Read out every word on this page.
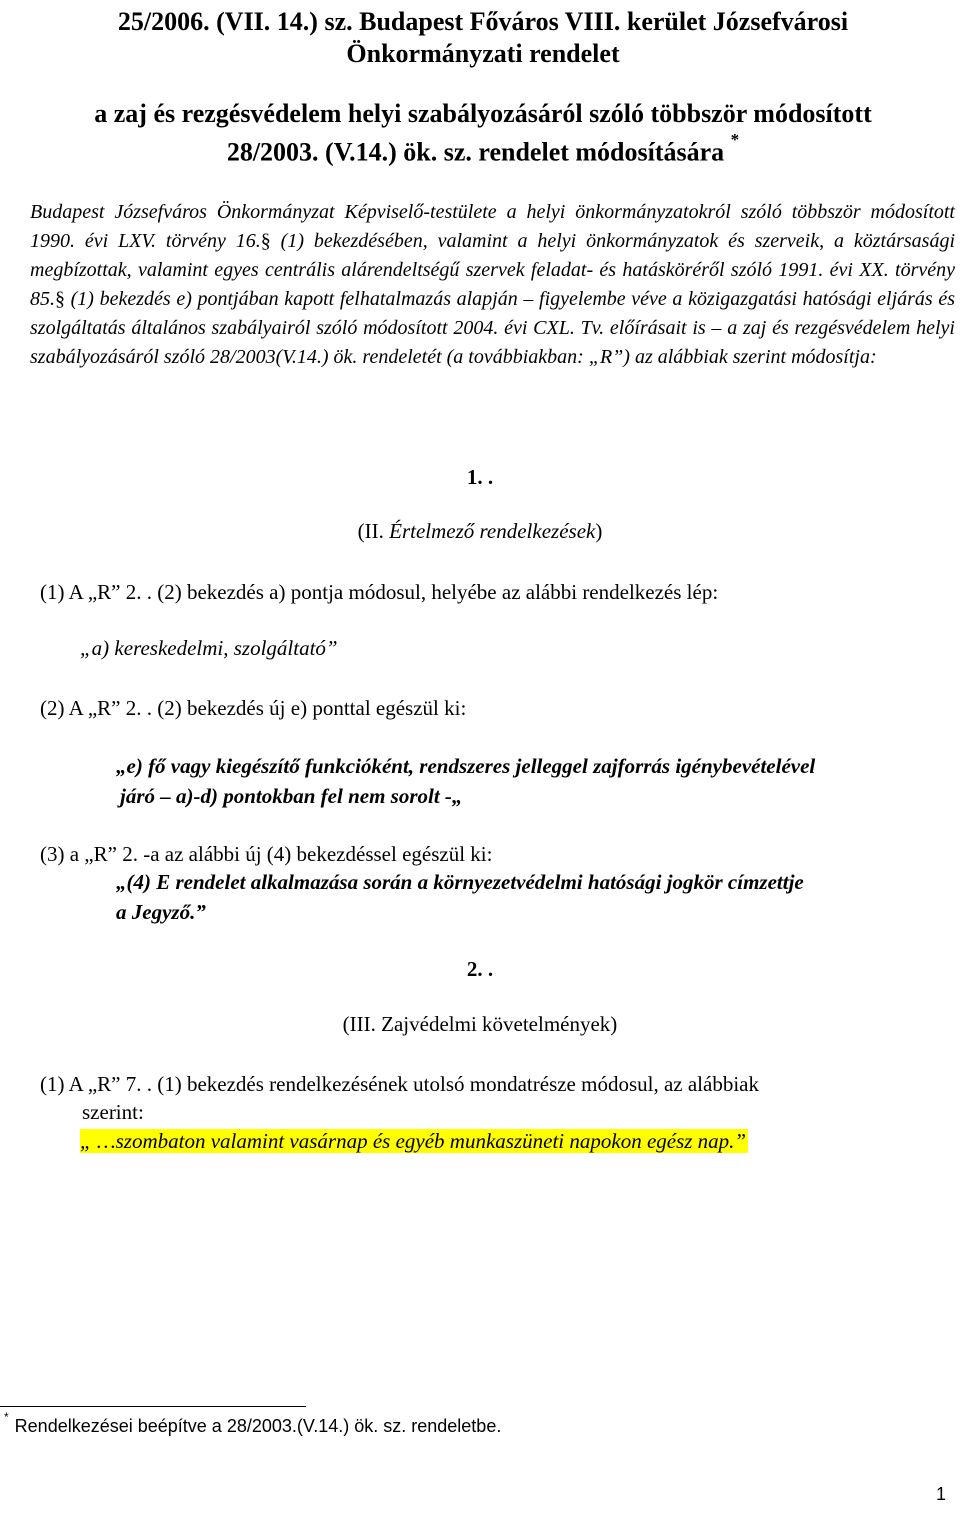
25/2006. (VII. 14.) sz. Budapest Főváros VIII. kerület Józsefvárosi
Önkormányzati rendelet
a zaj és rezgésvédelem helyi szabályozásáról szóló többször módosított
28/2003. (V.14.) ök. sz. rendelet módosítására *
Budapest Józsefváros Önkormányzat Képviselő-testülete a helyi önkormányzatokról szóló többször módosított 1990. évi LXV. törvény 16.§ (1) bekezdésében, valamint a helyi önkormányzatok és szerveik, a köztársasági megbízottak, valamint egyes centrális alárendeltségű szervek feladat- és hatásköréről szóló 1991. évi XX. törvény 85.§ (1) bekezdés e) pontjában kapott felhatalmazás alapján – figyelembe véve a közigazgatási hatósági eljárás és szolgáltatás általános szabályairól szóló módosított 2004. évi CXL. Tv. előírásait is – a zaj és rezgésvédelem helyi szabályozásáról szóló 28/2003(V.14.) ök. rendeletét (a továbbiakban: „R”) az alábbiak szerint módosítja:
1. .
(II. Értelmező rendelkezések)
(1) A „R” 2. . (2) bekezdés a) pontja módosul, helyébe az alábbi rendelkezés lép:
„a) kereskedelmi, szolgáltató”
(2) A „R” 2. . (2) bekezdés új e) ponttal egészül ki:
„e) fő vagy kiegészítő funkcióként, rendszeres jelleggel zajforrás igénybevételével
járó – a)-d) pontokban fel nem sorolt -„
(3) a „R” 2. -a az alábbi új (4) bekezdéssel egészül ki:
„(4) E rendelet alkalmazása során a környezetvédelmi hatósági jogkör címzettje
a Jegyző.”
2. .
(III. Zajvédelmi követelmények)
(1) A „R” 7. . (1) bekezdés rendelkezésének utolsó mondatrésze módosul, az alábbiak
szerint:
„ …szombaton valamint vasárnap és egyéb munkaszüneti napokon egész nap.”
* Rendelkezései beépítve a 28/2003.(V.14.) ök. sz. rendeletbe.
1
